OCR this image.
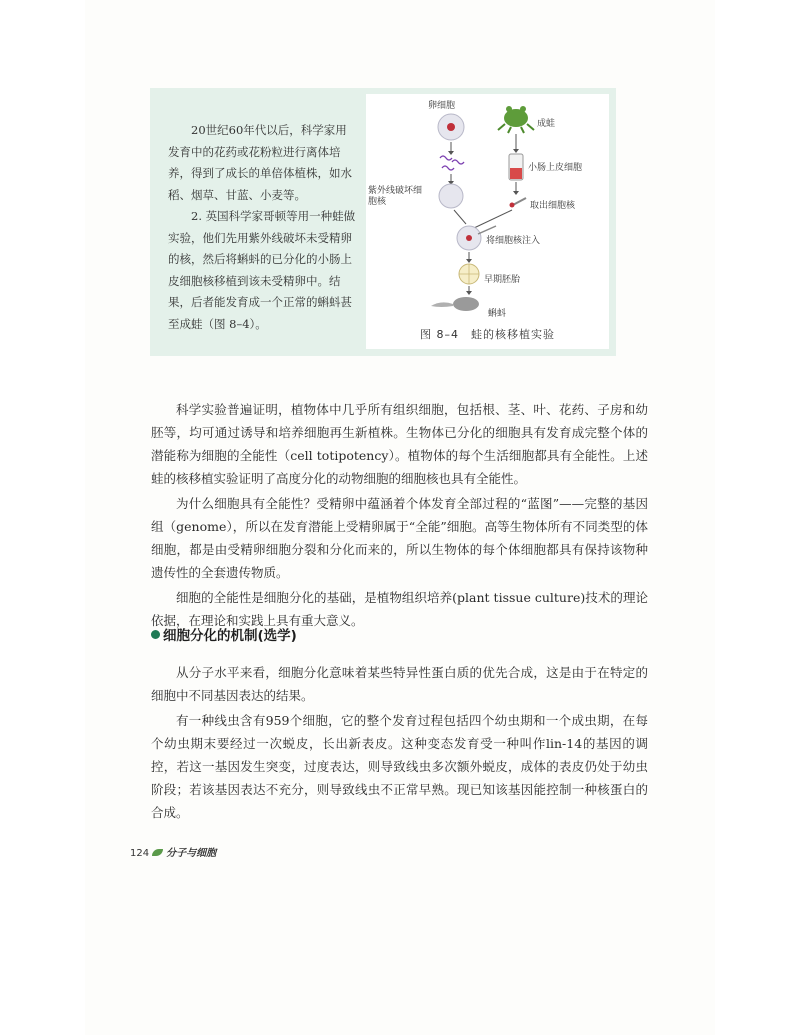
20世纪60年代以后，科学家用发育中的花药或花粉粒进行离体培养，得到了成长的单倍体植株，如水稻、烟草、甘蓝、小麦等。

2. 英国科学家哥顿等用一种蛙做实验，他们先用紫外线破坏未受精卵的核，然后将蝌蚪的已分化的小肠上皮细胞核移植到该未受精卵中。结果，后者能发育成一个正常的蝌蚪甚至成蛙（图 8–4）。

卵细胞
成蛙
紫外线破坏细胞核
小肠上皮细胞
取出细胞核
将细胞核注入
早期胚胎
蝌蚪
图 8–4　蛙的核移植实验

科学实验普遍证明，植物体中几乎所有组织细胞，包括根、茎、叶、花药、子房和幼胚等，均可通过诱导和培养细胞再生新植株。生物体已分化的细胞具有发育成完整个体的潜能称为细胞的全能性（cell totipotency）。植物体的每个生活细胞都具有全能性。上述蛙的核移植实验证明了高度分化的动物细胞的细胞核也具有全能性。

为什么细胞具有全能性？受精卵中蕴涵着个体发育全部过程的“蓝图”——完整的基因组（genome），所以在发育潜能上受精卵属于“全能”细胞。高等生物体所有不同类型的体细胞，都是由受精卵细胞分裂和分化而来的，所以生物体的每个体细胞都具有保持该物种遗传性的全套遗传物质。

细胞的全能性是细胞分化的基础，是植物组织培养(plant tissue culture)技术的理论依据，在理论和实践上具有重大意义。

细胞分化的机制(选学)

从分子水平来看，细胞分化意味着某些特异性蛋白质的优先合成，这是由于在特定的细胞中不同基因表达的结果。

有一种线虫含有959个细胞，它的整个发育过程包括四个幼虫期和一个成虫期，在每个幼虫期末要经过一次蜕皮，长出新表皮。这种变态发育受一种叫作lin-14的基因的调控，若这一基因发生突变，过度表达，则导致线虫多次额外蜕皮，成体的表皮仍处于幼虫阶段；若该基因表达不充分，则导致线虫不正常早熟。现已知该基因能控制一种核蛋白的合成。

124 分子与细胞
